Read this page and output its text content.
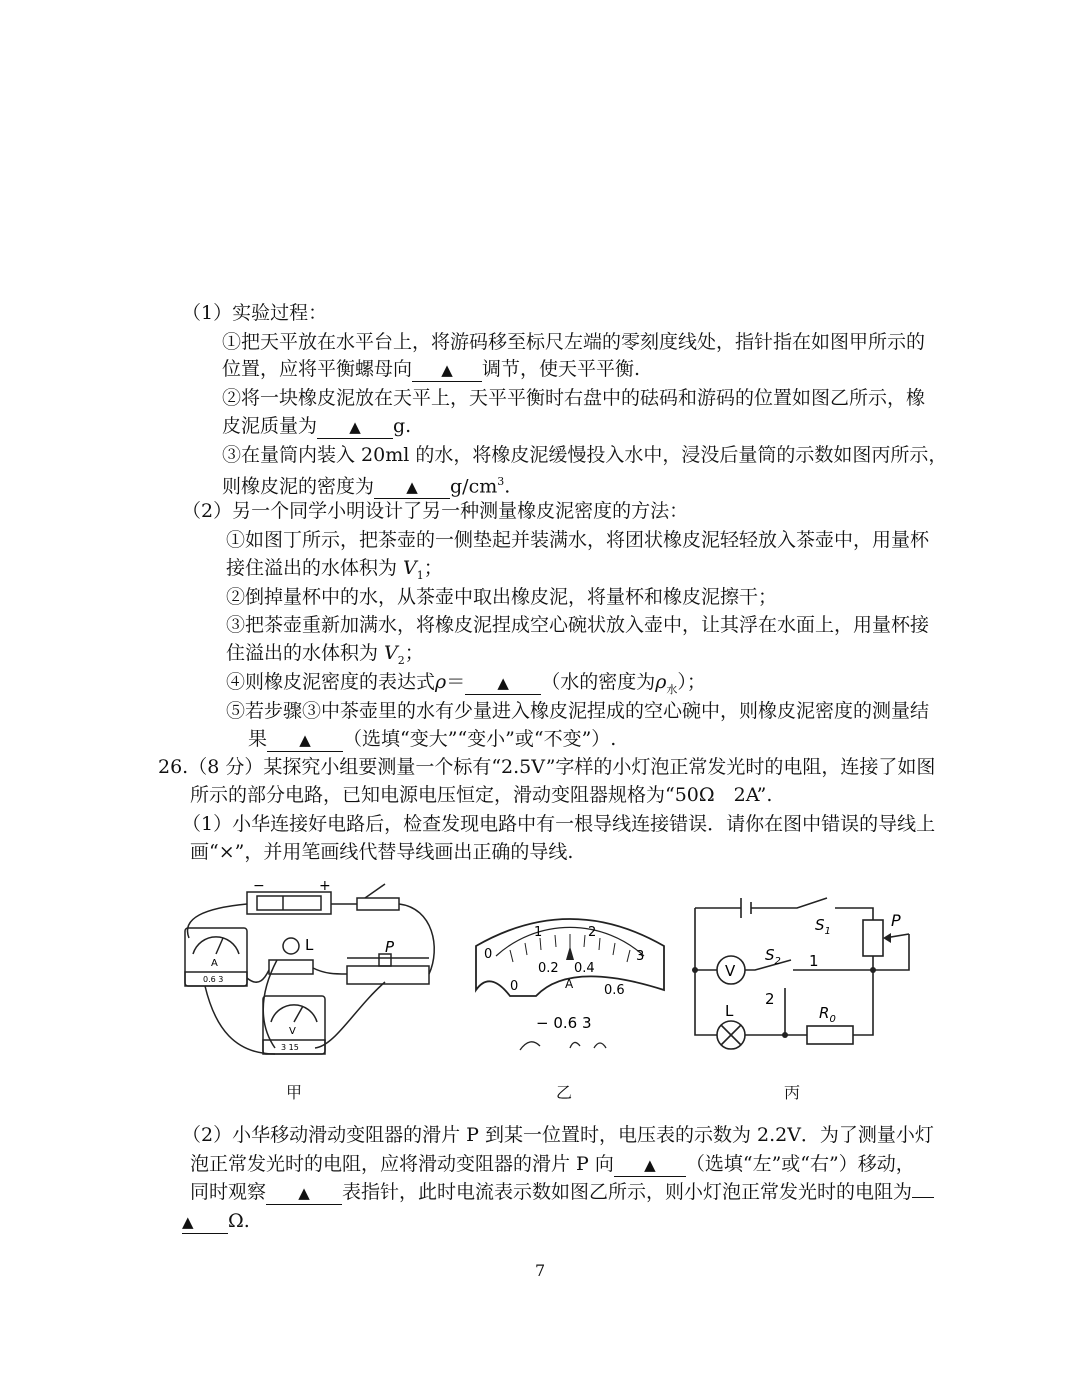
（1）实验过程：
①把天平放在水平台上，将游码移至标尺左端的零刻度线处，指针指在如图甲所示的
位置，应将平衡螺母向 ▲ 调节，使天平平衡.
②将一块橡皮泥放在天平上，天平平衡时右盘中的砝码和游码的位置如图乙所示，橡
皮泥质量为 ▲ g.
③在量筒内装入 20ml 的水，将橡皮泥缓慢投入水中，浸没后量筒的示数如图丙所示，
则橡皮泥的密度为 ▲ $g/cm^3$.
（2）另一个同学小明设计了另一种测量橡皮泥密度的方法：
①如图丁所示，把茶壶的一侧垫起并装满水，将团状橡皮泥轻轻放入茶壶中，用量杯
接住溢出的水体积为 $V_1$；
②倒掉量杯中的水，从茶壶中取出橡皮泥，将量杯和橡皮泥擦干；
③把茶壶重新加满水，将橡皮泥捏成空心碗状放入壶中，让其浮在水面上，用量杯接
住溢出的水体积为 $V_2$；
④则橡皮泥密度的表达式ρ＝ ▲ （水的密度为$\rho_水$）；
⑤若步骤③中茶壶里的水有少量进入橡皮泥捏成的空心碗中，则橡皮泥密度的测量结
果 ▲ （选填“变大”“变小”或“不变”）.
26.（8 分）某探究小组要测量一个标有“2.5V”字样的小灯泡正常发光时的电阻，连接了如图
所示的部分电路，已知电源电压恒定，滑动变阻器规格为“50Ω　2A”.
（1）小华连接好电路后，检查发现电路中有一根导线连接错误．请你在图中错误的导线上
画“×”，并用笔画线代替导线画出正确的导线.
−	+
L	P
A
0.6 3
V
3 15
甲
0
1	2
3
0
0.2 0.4
0.6
A
− 0.6 3
乙
$S_1$
P
$S_2$ 1
2
V
L	$R_0$
丙
（2）小华移动滑动变阻器的滑片 P 到某一位置时，电压表的示数为 2.2V．为了测量小灯
泡正常发光时的电阻，应将滑动变阻器的滑片 P 向 ▲ （选填“左”或“右”）移动，
同时观察 ▲ 表指针，此时电流表示数如图乙所示，则小灯泡正常发光时的电阻为
▲ Ω.
7
